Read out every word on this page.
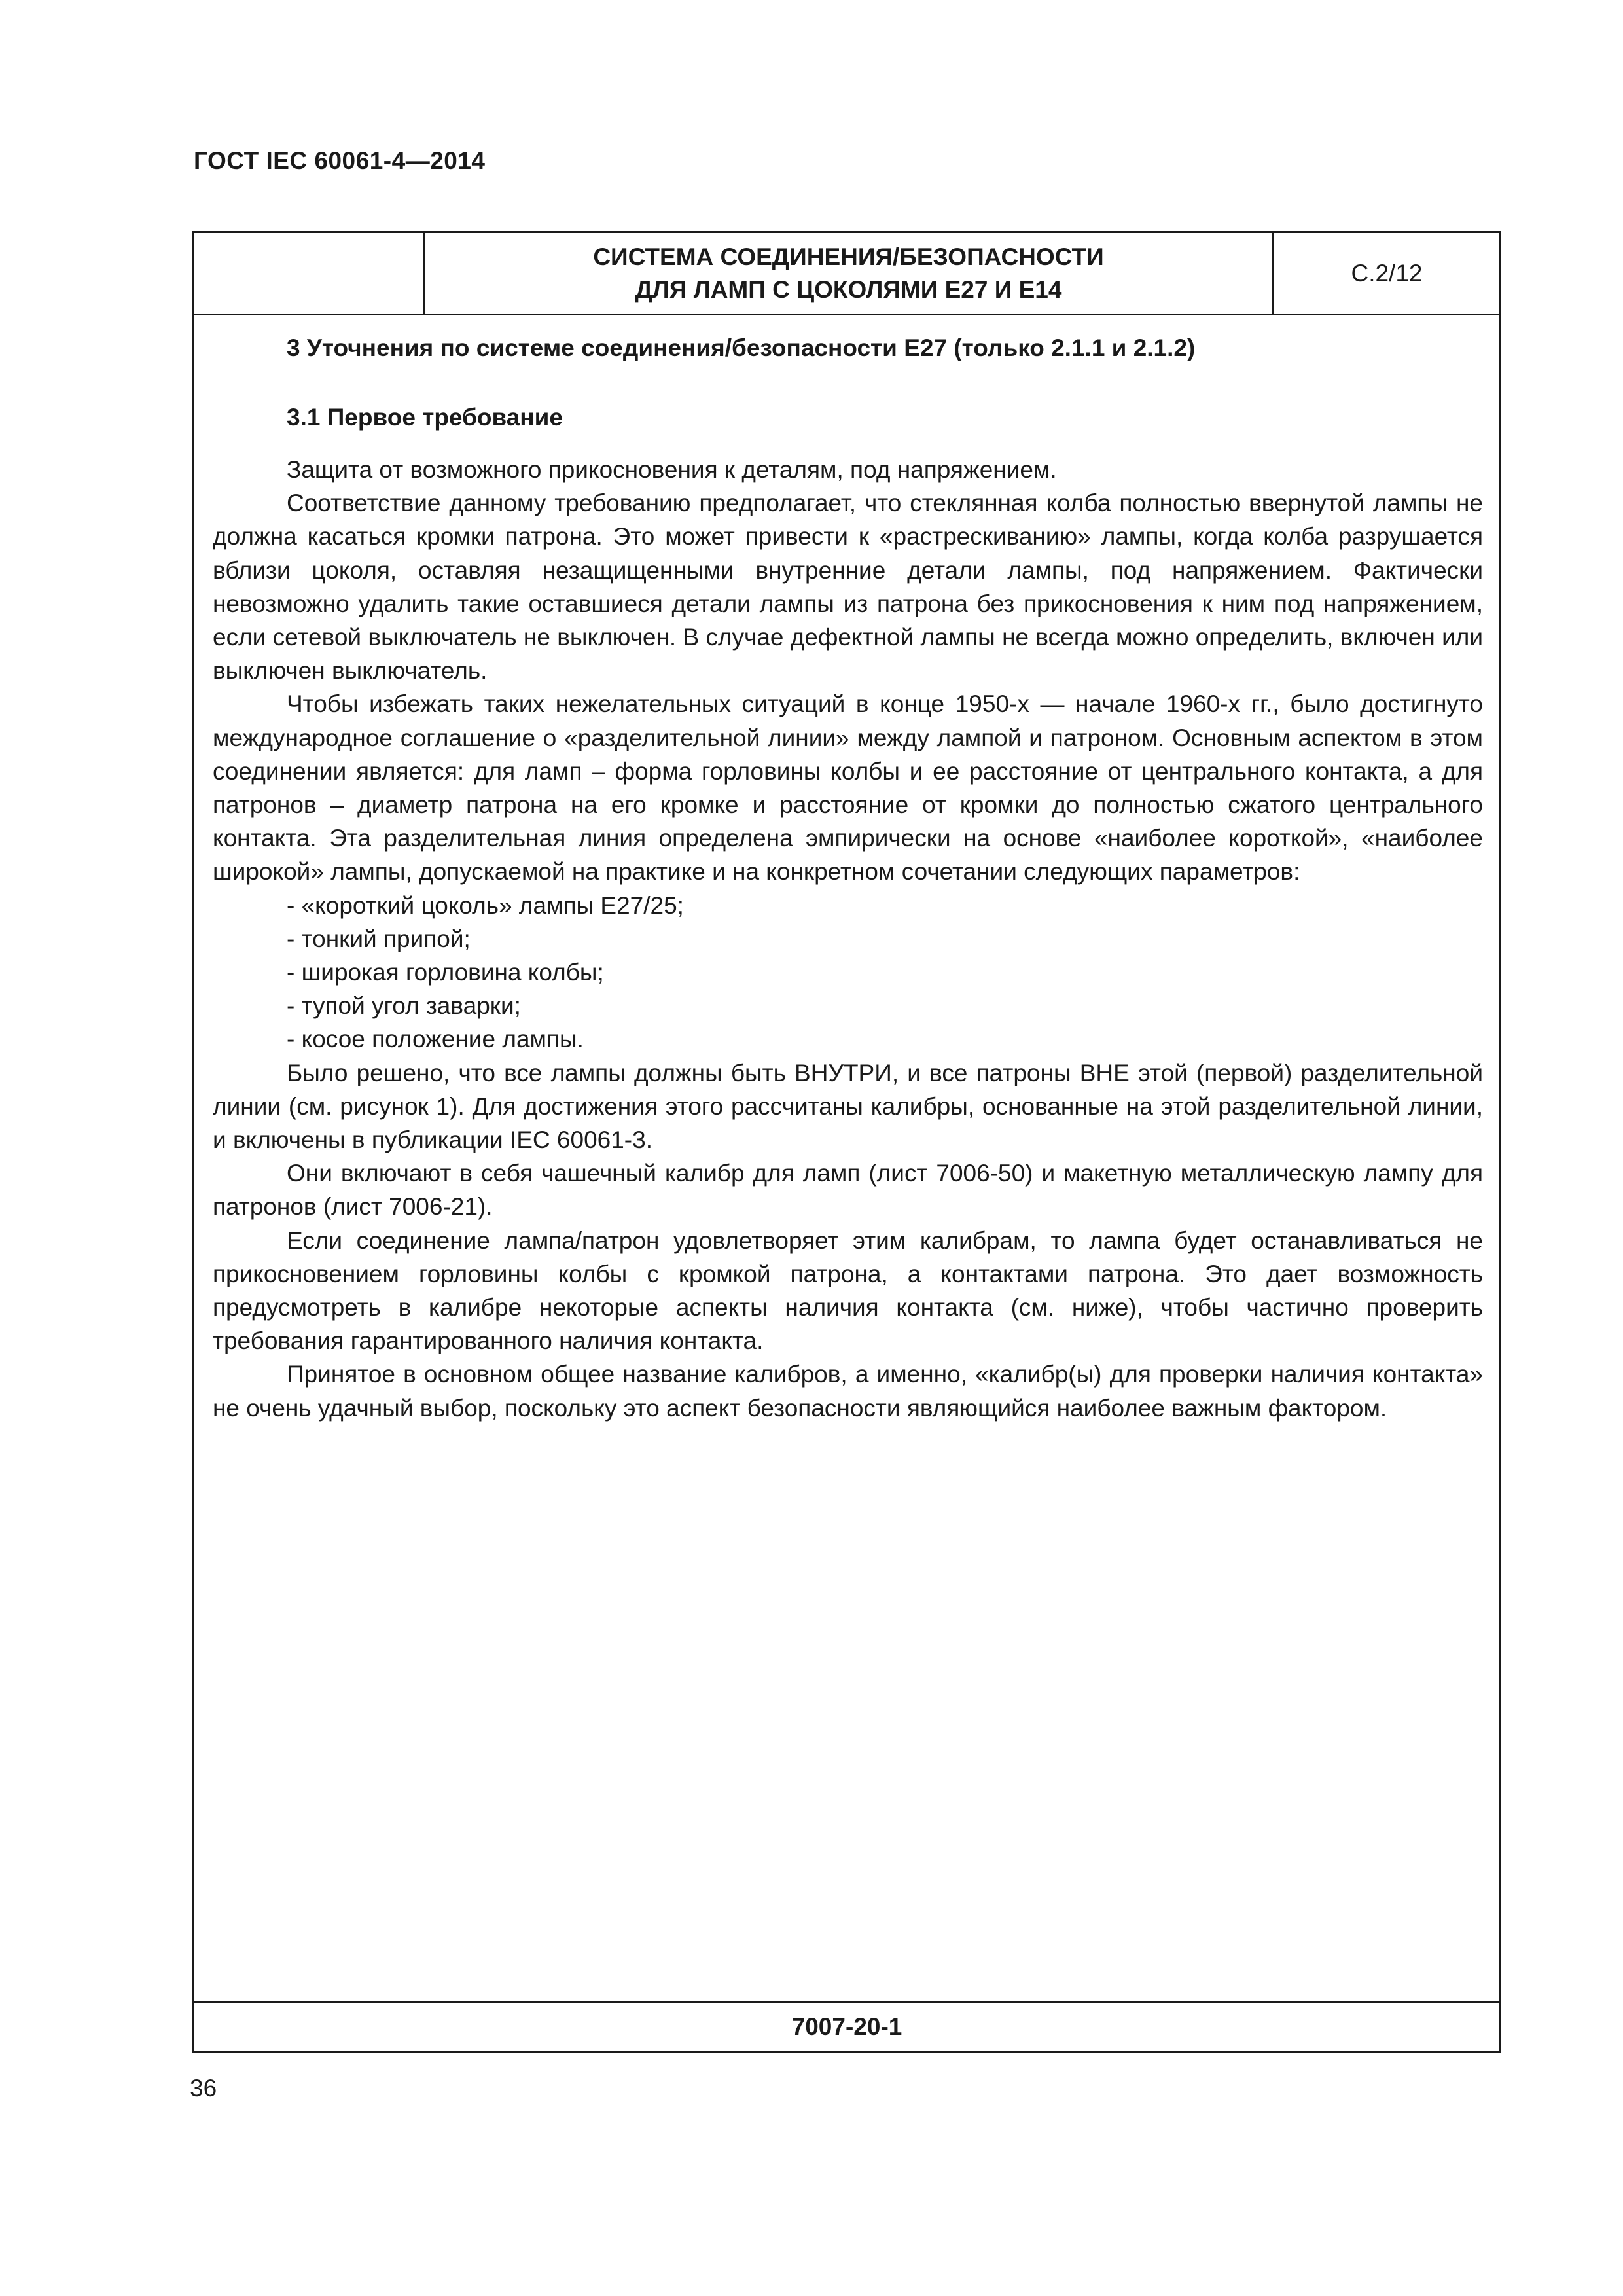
ГОСТ IEC 60061-4—2014
СИСТЕМА СОЕДИНЕНИЯ/БЕЗОПАСНОСТИ
ДЛЯ ЛАМП С ЦОКОЛЯМИ Е27 И Е14
С.2/12
3 Уточнения по системе соединения/безопасности Е27 (только 2.1.1 и 2.1.2)
3.1 Первое требование

Защита от возможного прикосновения к деталям, под напряжением.

Соответствие данному требованию предполагает, что стеклянная колба полностью ввернутой лампы не должна касаться кромки патрона. Это может привести к «растрескиванию» лампы, когда колба разрушается вблизи цоколя, оставляя незащищенными внутренние детали лампы, под напряжением. Фактически невозможно удалить такие оставшиеся детали лампы из патрона без прикосновения к ним под напряжением, если сетевой выключатель не выключен. В случае дефектной лампы не всегда можно определить, включен или выключен выключатель.

Чтобы избежать таких нежелательных ситуаций в конце 1950-х — начале 1960-х гг., было достигнуто международное соглашение о «разделительной линии» между лампой и патроном. Основным аспектом в этом соединении является: для ламп – форма горловины колбы и ее расстояние от центрального контакта, а для патронов – диаметр патрона на его кромке и расстояние от кромки до полностью сжатого центрального контакта. Эта разделительная линия определена эмпирически на основе «наиболее короткой», «наиболее широкой» лампы, допускаемой на практике и на конкретном сочетании следующих параметров:

- «короткий цоколь» лампы Е27/25;
- тонкий припой;
- широкая горловина колбы;
- тупой угол заварки;
- косое положение лампы.

Было решено, что все лампы должны быть ВНУТРИ, и все патроны ВНЕ этой (первой) разделительной линии (см. рисунок 1). Для достижения этого рассчитаны калибры, основанные на этой разделительной линии, и включены в публикации IEC 60061-3.

Они включают в себя чашечный калибр для ламп (лист 7006-50) и макетную металлическую лампу для патронов (лист 7006-21).

Если соединение лампа/патрон удовлетворяет этим калибрам, то лампа будет останавливаться не прикосновением горловины колбы с кромкой патрона, а контактами патрона. Это дает возможность предусмотреть в калибре некоторые аспекты наличия контакта (см. ниже), чтобы частично проверить требования гарантированного наличия контакта.

Принятое в основном общее название калибров, а именно, «калибр(ы) для проверки наличия контакта» не очень удачный выбор, поскольку это аспект безопасности являющийся наиболее важным фактором.

7007-20-1
36
